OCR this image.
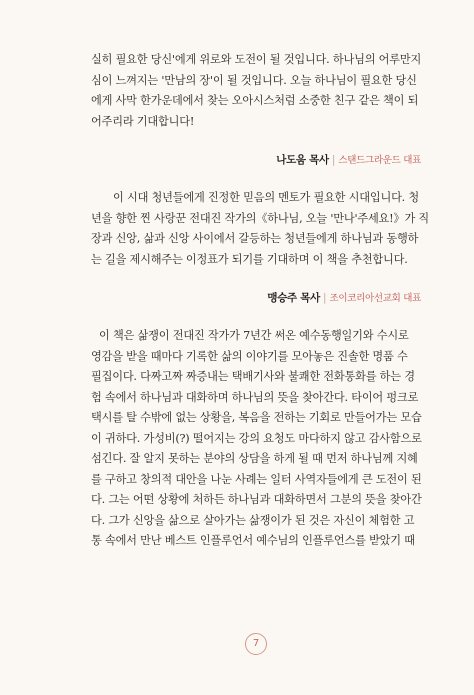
실히 필요한 당신'에게 위로와 도전이 될 것입니다. 하나님의 어루만지
심이 느껴지는 '만남의 장'이 될 것입니다. 오늘 하나님이 필요한 당신
에게 사막 한가운데에서 찾는 오아시스처럼 소중한 친구 같은 책이 되
어주리라 기대합니다!

나도움 목사 | 스탠드그라운드 대표

이 시대 청년들에게 진정한 믿음의 멘토가 필요한 시대입니다. 청
년을 향한 찐 사랑꾼 전대진 작가의《하나님, 오늘 '만나'주세요!》가 직
장과 신앙, 삶과 신앙 사이에서 갈등하는 청년들에게 하나님과 동행하
는 길을 제시해주는 이정표가 되기를 기대하며 이 책을 추천합니다.

맹승주 목사 | 조이코리아선교회 대표

이 책은 삶쟁이 전대진 작가가 7년간 써온 예수동행일기와 수시로
영감을 받을 때마다 기록한 삶의 이야기를 모아놓은 진솔한 명품 수
필집이다. 다짜고짜 짜증내는 택배기사와 불쾌한 전화통화를 하는 경
험 속에서 하나님과 대화하며 하나님의 뜻을 찾아간다. 타이어 펑크로
택시를 탈 수밖에 없는 상황을, 복음을 전하는 기회로 만들어가는 모습
이 귀하다. 가성비(?) 떨어지는 강의 요청도 마다하지 않고 감사함으로
섬긴다. 잘 알지 못하는 분야의 상담을 하게 될 때 먼저 하나님께 지혜
를 구하고 창의적 대안을 나눈 사례는 일터 사역자들에게 큰 도전이 된
다. 그는 어떤 상황에 처하든 하나님과 대화하면서 그분의 뜻을 찾아간
다. 그가 신앙을 삶으로 살아가는 삶쟁이가 된 것은 자신이 체험한 고
통 속에서 만난 베스트 인플루언서 예수님의 인플루언스를 받았기 때

7
